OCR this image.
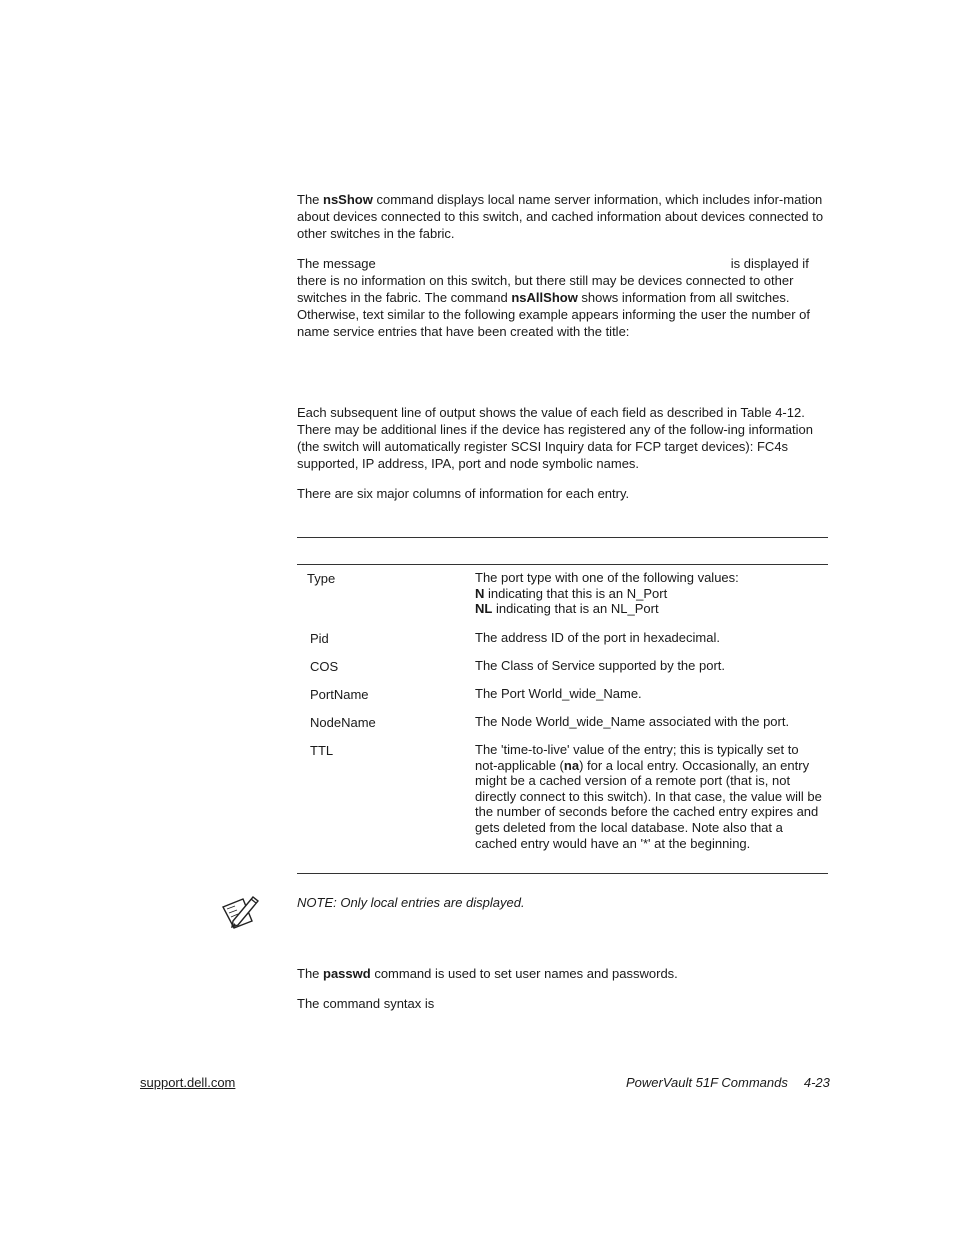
The nsShow command displays local name server information, which includes infor-mation about devices connected to this switch, and cached information about devices connected to other switches in the fabric.

The message	is displayed if there is no information on this switch, but there still may be devices connected to other switches in the fabric. The command nsAllShow shows information from all switches. Otherwise, text similar to the following example appears informing the user the number of name service entries that have been created with the title:

Each subsequent line of output shows the value of each field as described in Table 4-12. There may be additional lines if the device has registered any of the follow-ing information (the switch will automatically register SCSI Inquiry data for FCP target devices): FC4s supported, IP address, IPA, port and node symbolic names.

There are six major columns of information for each entry.

Type	The port type with one of the following values:
N indicating that this is an N_Port
NL indicating that is an NL_Port
Pid	The address ID of the port in hexadecimal.
COS	The Class of Service supported by the port.
PortName	The Port World_wide_Name.
NodeName	The Node World_wide_Name associated with the port.
TTL	The 'time-to-live' value of the entry; this is typically set to not-applicable (na) for a local entry. Occasionally, an entry might be a cached version of a remote port (that is, not directly connect to this switch). In that case, the value will be the number of seconds before the cached entry expires and gets deleted from the local database. Note also that a cached entry would have an '*' at the beginning.
NOTE: Only local entries are displayed.

The passwd command is used to set user names and passwords.

The command syntax is

support.dell.com	PowerVault 51F Commands 4-23
